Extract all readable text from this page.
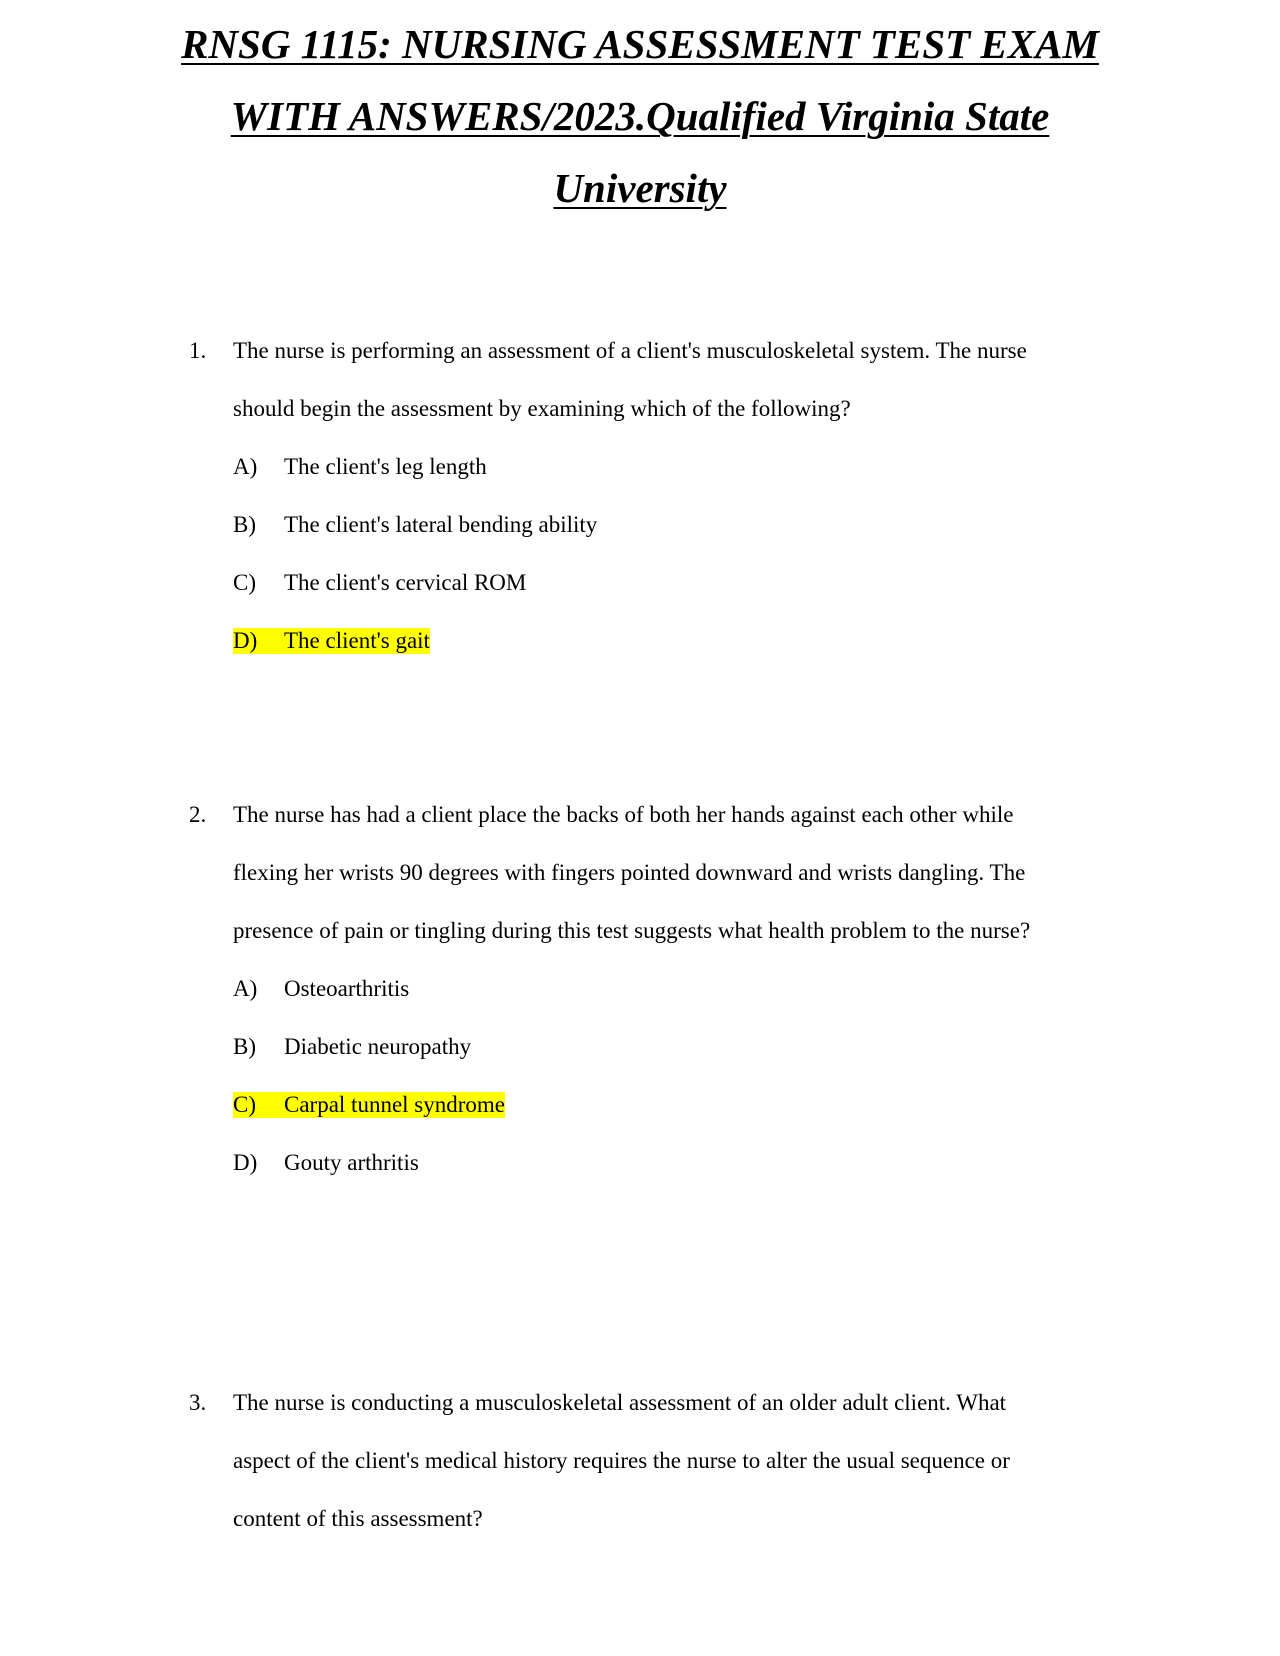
RNSG 1115: NURSING ASSESSMENT TEST EXAM
WITH ANSWERS/2023.Qualified Virginia State
University
1. The nurse is performing an assessment of a client's musculoskeletal system. The nurse
should begin the assessment by examining which of the following?
A) The client's leg length
B) The client's lateral bending ability
C) The client's cervical ROM
D) The client's gait
2. The nurse has had a client place the backs of both her hands against each other while
flexing her wrists 90 degrees with fingers pointed downward and wrists dangling. The
presence of pain or tingling during this test suggests what health problem to the nurse?
A) Osteoarthritis
B) Diabetic neuropathy
C) Carpal tunnel syndrome
D) Gouty arthritis
3. The nurse is conducting a musculoskeletal assessment of an older adult client. What
aspect of the client's medical history requires the nurse to alter the usual sequence or
content of this assessment?
